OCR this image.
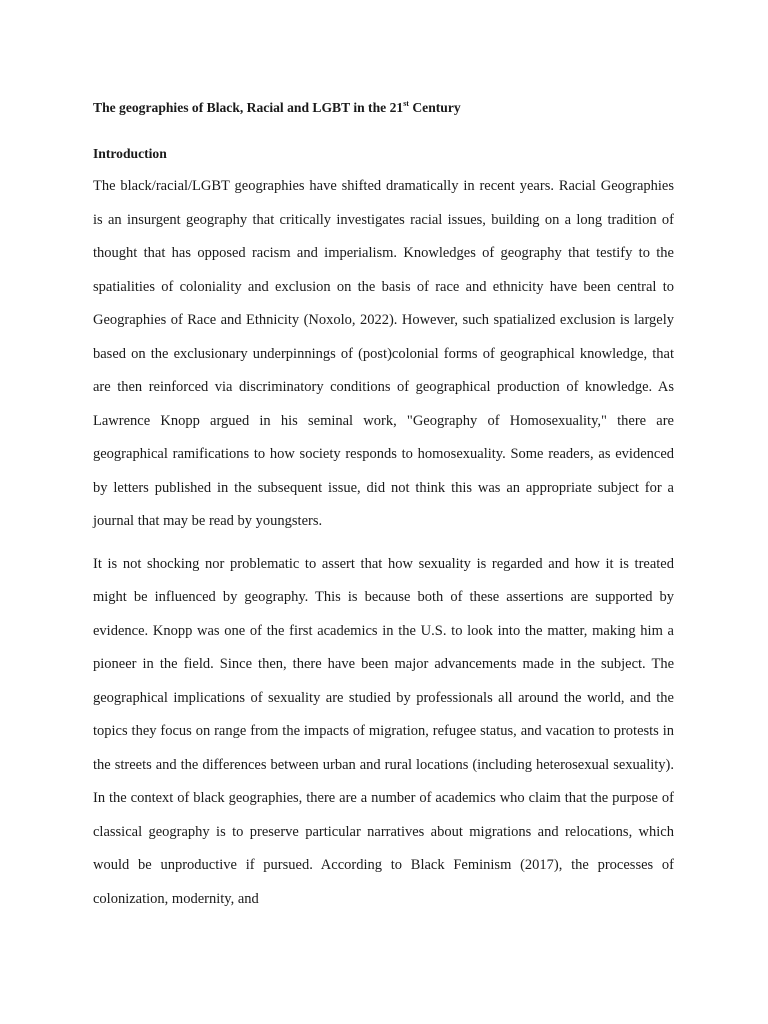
The geographies of Black, Racial and LGBT in the 21st Century
Introduction

The black/racial/LGBT geographies have shifted dramatically in recent years. Racial Geographies is an insurgent geography that critically investigates racial issues, building on a long tradition of thought that has opposed racism and imperialism. Knowledges of geography that testify to the spatialities of coloniality and exclusion on the basis of race and ethnicity have been central to Geographies of Race and Ethnicity (Noxolo, 2022). However, such spatialized exclusion is largely based on the exclusionary underpinnings of (post)colonial forms of geographical knowledge, that are then reinforced via discriminatory conditions of geographical production of knowledge. As Lawrence Knopp argued in his seminal work, "Geography of Homosexuality," there are geographical ramifications to how society responds to homosexuality. Some readers, as evidenced by letters published in the subsequent issue, did not think this was an appropriate subject for a journal that may be read by youngsters.

It is not shocking nor problematic to assert that how sexuality is regarded and how it is treated might be influenced by geography. This is because both of these assertions are supported by evidence. Knopp was one of the first academics in the U.S. to look into the matter, making him a pioneer in the field. Since then, there have been major advancements made in the subject. The geographical implications of sexuality are studied by professionals all around the world, and the topics they focus on range from the impacts of migration, refugee status, and vacation to protests in the streets and the differences between urban and rural locations (including heterosexual sexuality). In the context of black geographies, there are a number of academics who claim that the purpose of classical geography is to preserve particular narratives about migrations and relocations, which would be unproductive if pursued. According to Black Feminism (2017), the processes of colonization, modernity, and
